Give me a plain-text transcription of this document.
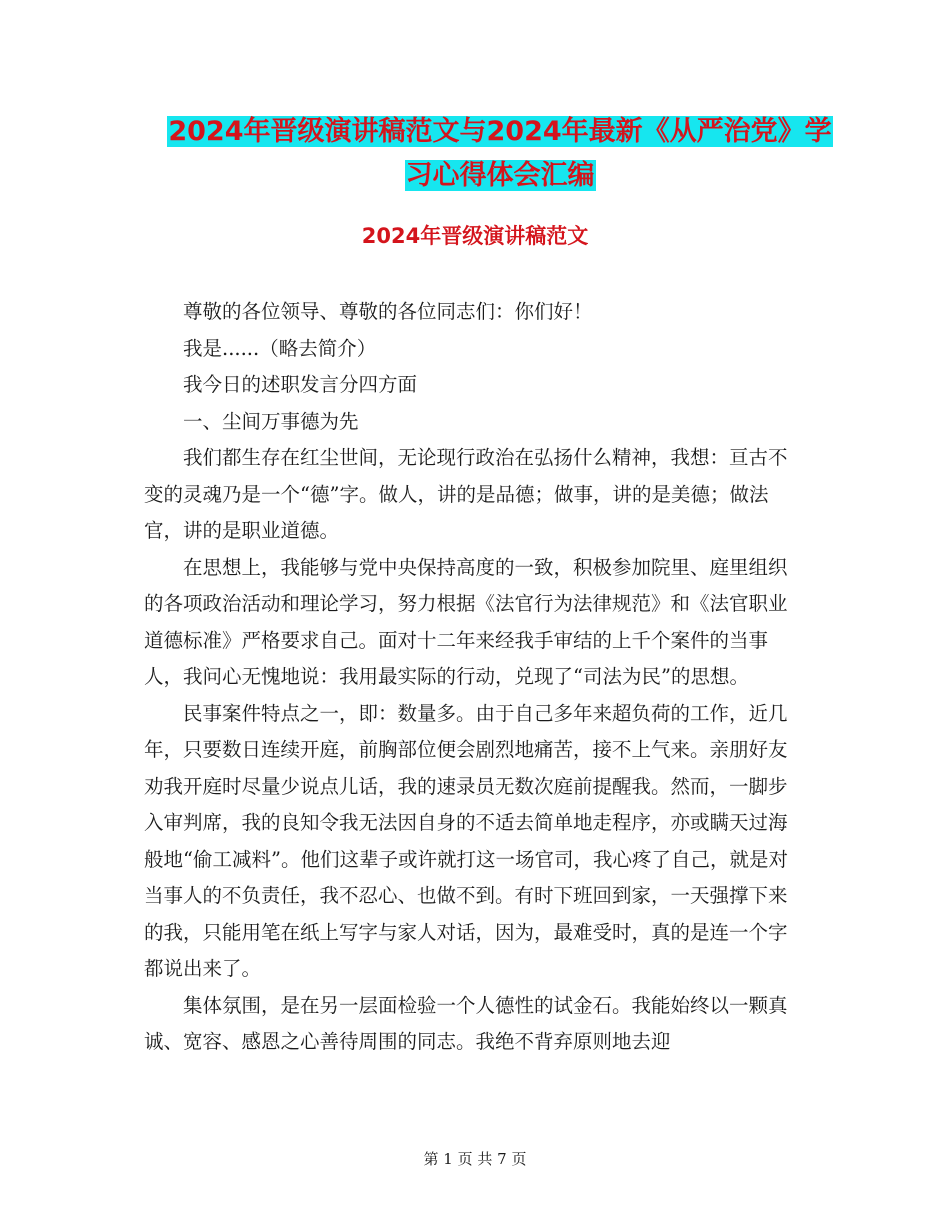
2024年晋级演讲稿范文与2024年最新《从严治党》学
习心得体会汇编
2024年晋级演讲稿范文

尊敬的各位领导、尊敬的各位同志们：你们好！

我是......（略去简介）

我今日的述职发言分四方面

一、尘间万事德为先

我们都生存在红尘世间，无论现行政治在弘扬什么精神，我想：亘古不变的灵魂乃是一个“德”字。做人，讲的是品德；做事，讲的是美德；做法官，讲的是职业道德。

在思想上，我能够与党中央保持高度的一致，积极参加院里、庭里组织的各项政治活动和理论学习，努力根据《法官行为法律规范》和《法官职业道德标准》严格要求自己。面对十二年来经我手审结的上千个案件的当事人，我问心无愧地说：我用最实际的行动，兑现了“司法为民”的思想。

民事案件特点之一，即：数量多。由于自己多年来超负荷的工作，近几年，只要数日连续开庭，前胸部位便会剧烈地痛苦，接不上气来。亲朋好友劝我开庭时尽量少说点儿话，我的速录员无数次庭前提醒我。然而，一脚步入审判席，我的良知令我无法因自身的不适去简单地走程序，亦或瞒天过海般地“偷工减料”。他们这辈子或许就打这一场官司，我心疼了自己，就是对当事人的不负责任，我不忍心、也做不到。有时下班回到家，一天强撑下来的我，只能用笔在纸上写字与家人对话，因为，最难受时，真的是连一个字都说出来了。

集体氛围，是在另一层面检验一个人德性的试金石。我能始终以一颗真诚、宽容、感恩之心善待周围的同志。我绝不背弃原则地去迎

第 1 页 共 7 页
